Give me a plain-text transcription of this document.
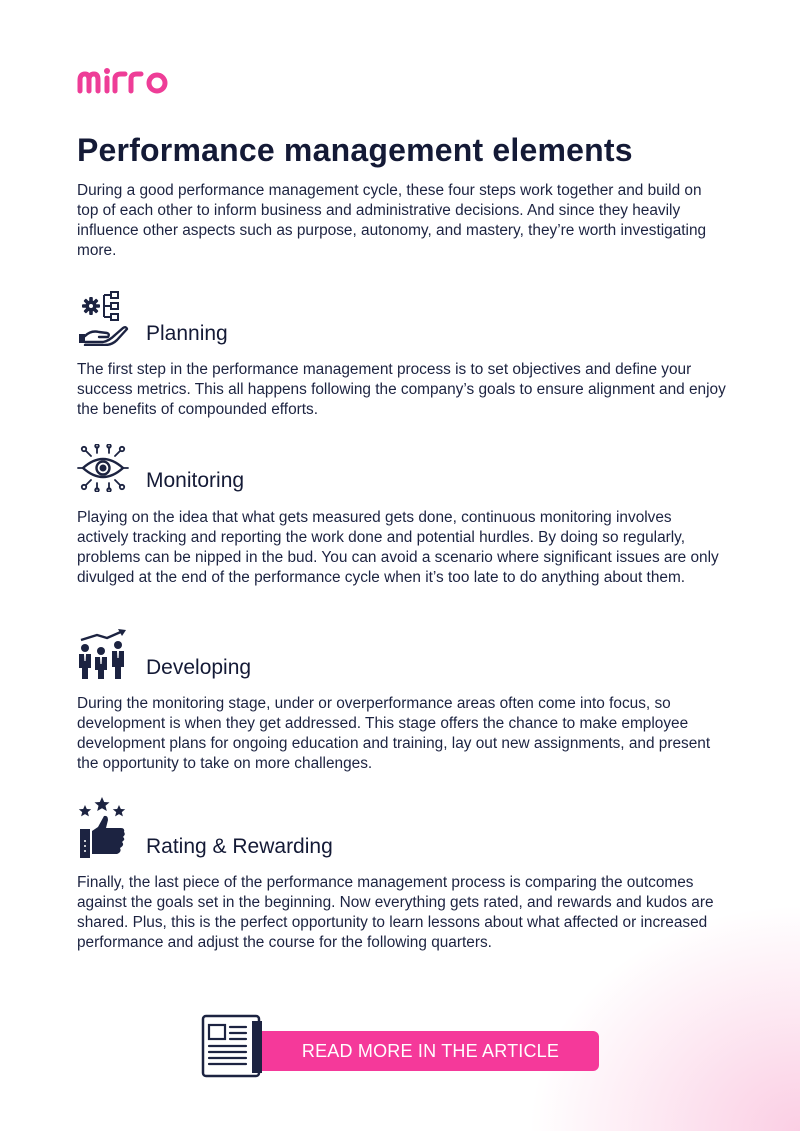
Performance management elements

During a good performance management cycle, these four steps work together and build on top of each other to inform business and administrative decisions. And since they heavily influence other aspects such as purpose, autonomy, and mastery, they’re worth investigating more.

Planning

The first step in the performance management process is to set objectives and define your success metrics. This all happens following the company’s goals to ensure alignment and enjoy the benefits of compounded efforts.

Monitoring

Playing on the idea that what gets measured gets done, continuous monitoring involves actively tracking and reporting the work done and potential hurdles. By doing so regularly, problems can be nipped in the bud. You can avoid a scenario where significant issues are only divulged at the end of the performance cycle when it’s too late to do anything about them.

Developing

During the monitoring stage, under or overperformance areas often come into focus, so development is when they get addressed. This stage offers the chance to make employee development plans for ongoing education and training, lay out new assignments, and present the opportunity to take on more challenges.

Rating & Rewarding

Finally, the last piece of the performance management process is comparing the outcomes against the goals set in the beginning. Now everything gets rated, and rewards and kudos are shared. Plus, this is the perfect opportunity to learn lessons about what affected or increased performance and adjust the course for the following quarters.

READ MORE IN THE ARTICLE
